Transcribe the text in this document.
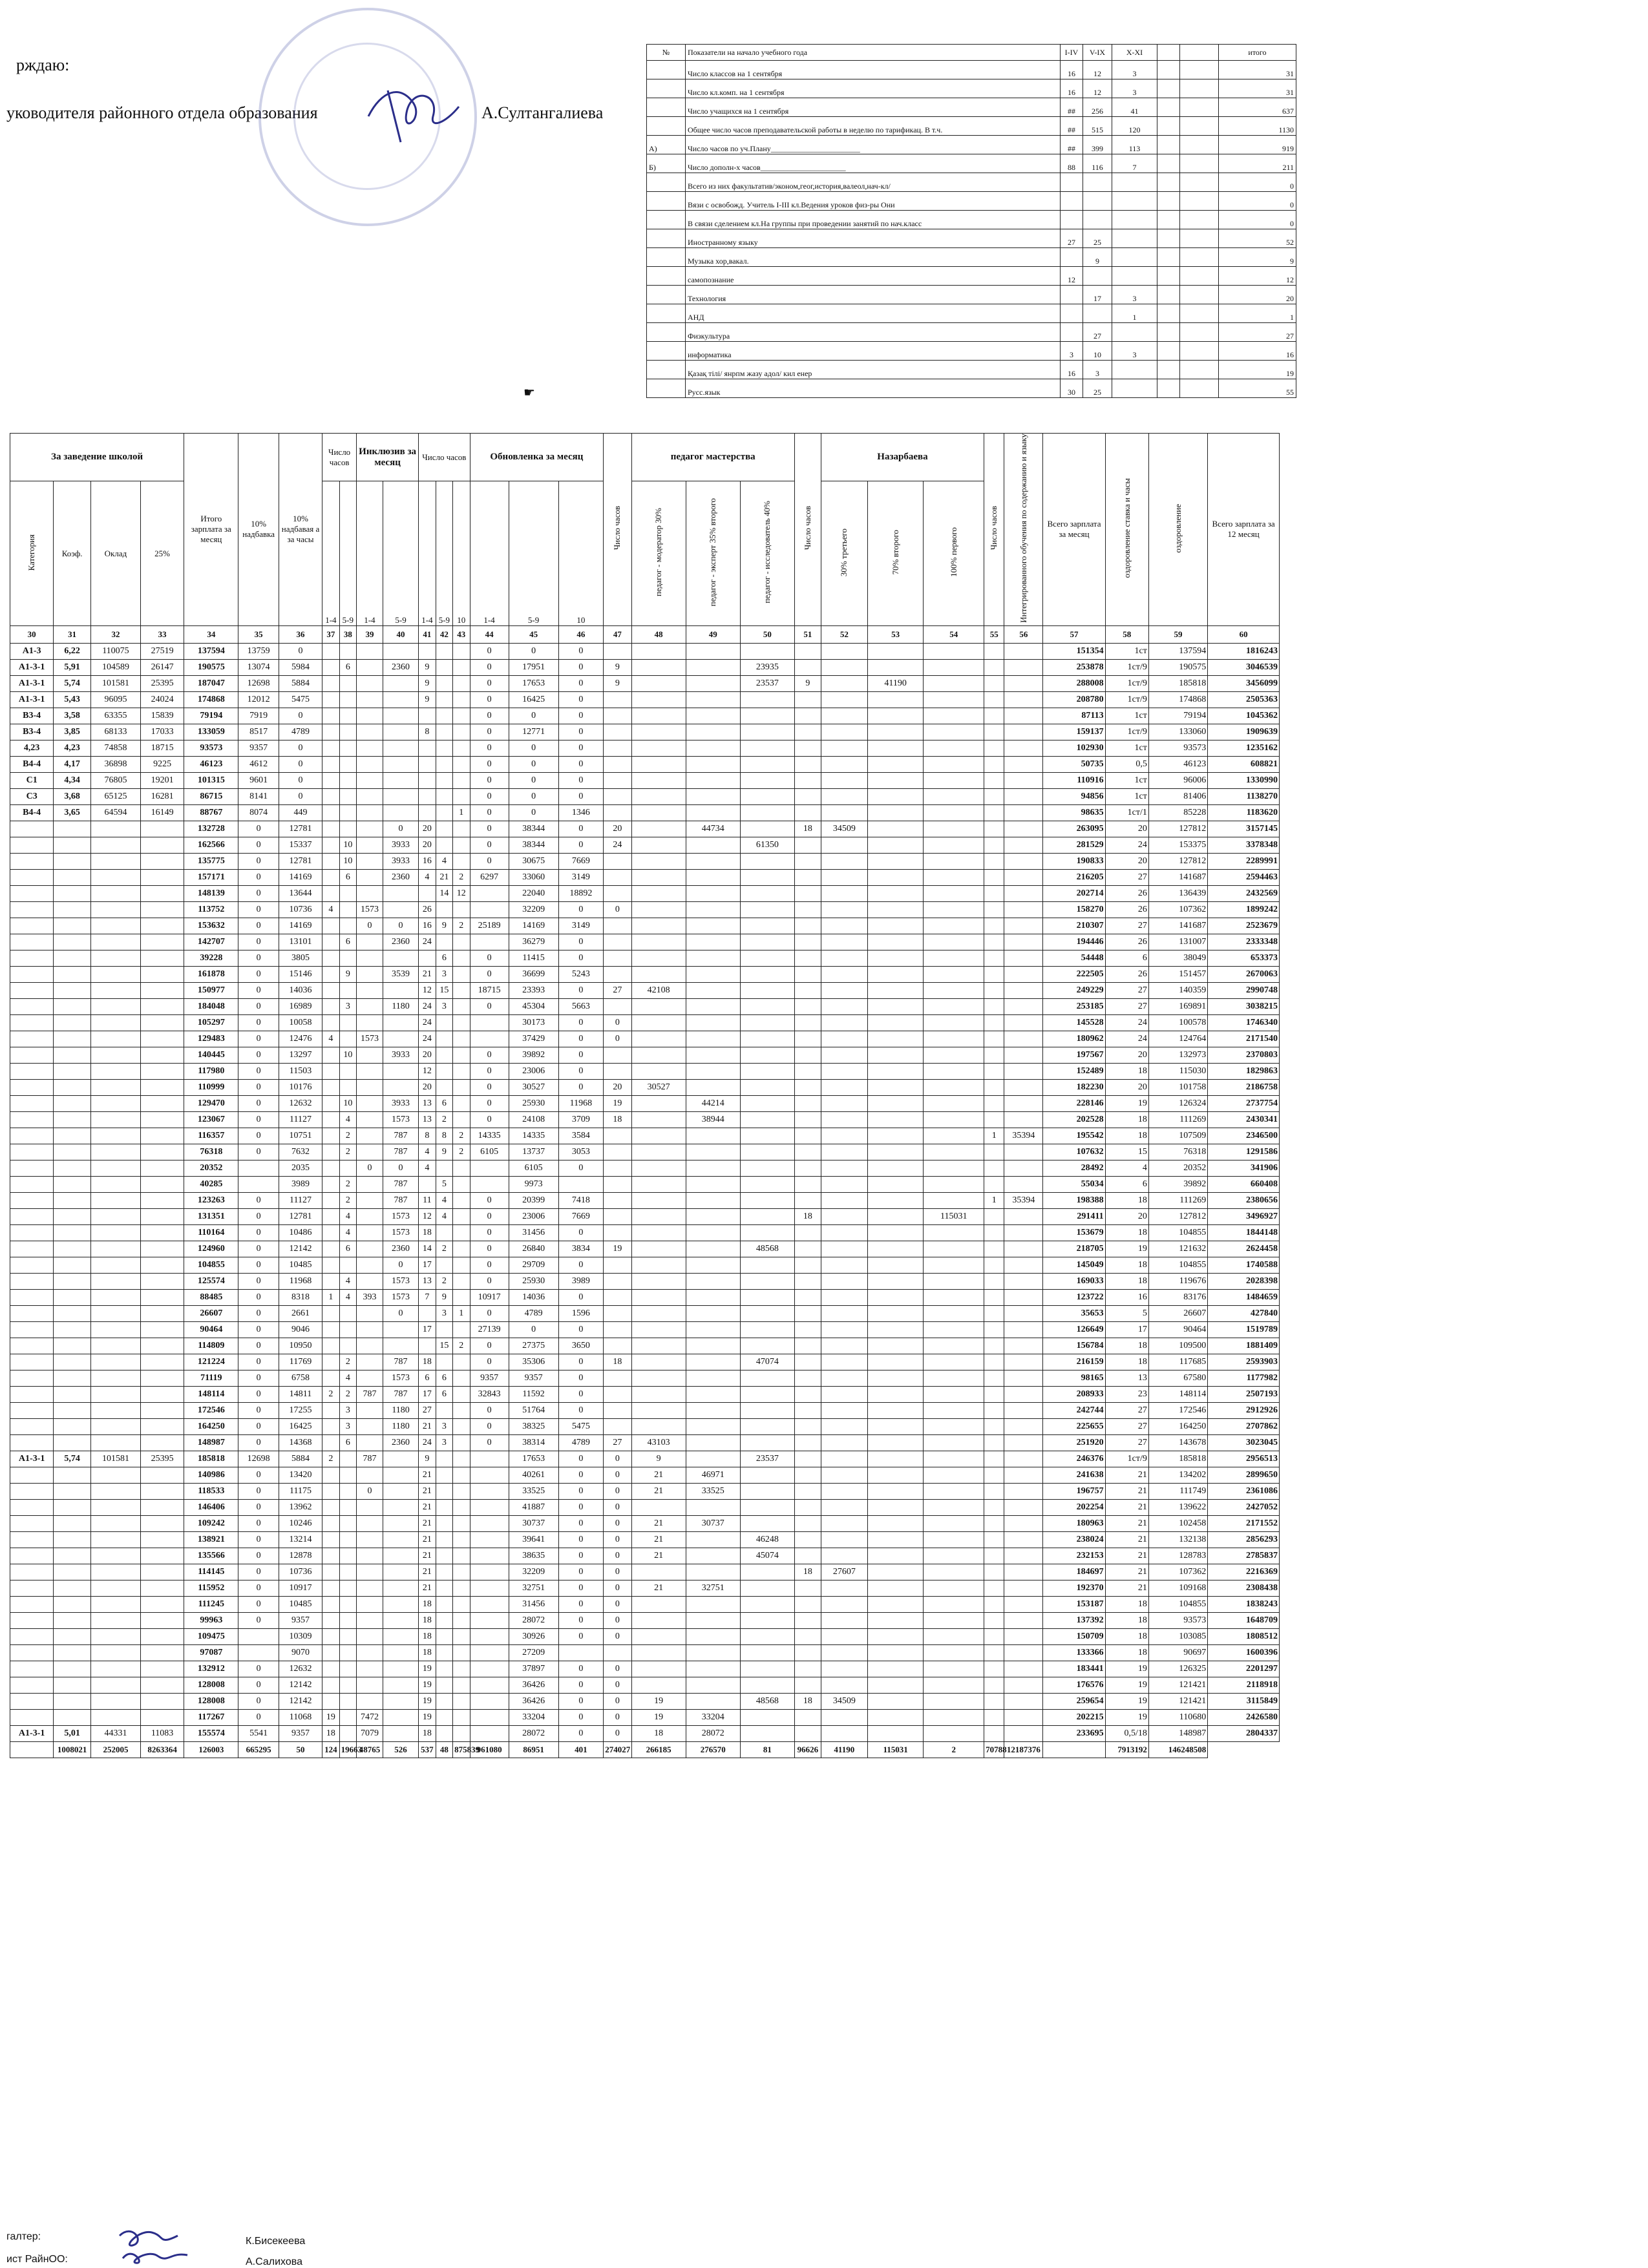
рждаю:
уководителя районного отдела образования	А.Султангалиева
№	Показатели на начало учебного года	I-IV	V-IX	X-XI			итого
	Число классов на 1 сентября	16	12	3			31
	Число кл.комп. на 1 сентября	16	12	3			31
	Число учащихся на 1 сентября	##	256	41			637
	Общее число часов преподавательской работы в неделю по тарификац. В т.ч.	##	515	120			1130
А)	Число часов по уч.Плану_______________________	##	399	113			919
Б)	Число дополн-х часов______________________	88	116	7			211
	Всего из них факультатив/эконом,геог,история,валеол,нач-кл/						0
	Вязи с освобожд. Учитель I-III кл.Ведения уроков физ-ры Они						0
	В связи сделением кл.На группы при проведении занятий по нач.класс						0
	Иностранному языку	27	25				52
	Музыка хор,вакал.		9				9
	самопознание	12					12
	Технология		17	3			20
	АНД			1			1
	Физкультура		27				27
	информатика	3	10	3			16
	Қазақ тілі/ янрпм жазу адол/ кил енер	16	3				19
	Русс.язык	30	25				55
☛
За заведение школой				Итого зарплата за месяц	10% надбавка	10% надбавая а за часы	Число часов		Инклюзив за месяц		Число часов			Обновленка за месяц			Число часов	педагог мастерства			Число часов	Назарбаева			Число часов	Интегрированного обучения по содержанию и языку	Всего зарплата за месяц	оздоровление ставка и часы	оздоровление	Всего зарплата за 12 месяц

Категория	Коэф.	Оклад	25%				1-4	5-9	1-4	5-9	1-4	5-9	10	1-4	5-9	10		педагог - модератор 30%	педагог - эксперт 35% второго	педагог - исследователь 40%		30% третьего	70% второго	100% первого						
30	31	32	33	34	35	36	37	38	39	40	41	42	43	44	45	46	47	48	49	50	51	52	53	54	55	56	57	58	59	60
А1-3	6,22	110075	27519	137594	13759	0								0	0	0											151354	1ст	137594	1816243
А1-3-1	5,91	104589	26147	190575	13074	5984		6		2360	9			0	17951	0	9			23935							253878	1ст/9	190575	3046539
А1-3-1	5,74	101581	25395	187047	12698	5884					9			0	17653	0	9			23537	9		41190				288008	1ст/9	185818	3456099
А1-3-1	5,43	96095	24024	174868	12012	5475					9			0	16425	0											208780	1ст/9	174868	2505363
В3-4	3,58	63355	15839	79194	7919	0								0	0	0											87113	1ст	79194	1045362
В3-4	3,85	68133	17033	133059	8517	4789					8			0	12771	0											159137	1ст/9	133060	1909639
4,23	4,23	74858	18715	93573	9357	0								0	0	0											102930	1ст	93573	1235162
В4-4	4,17	36898	9225	46123	4612	0								0	0	0											50735	0,5	46123	608821
С1	4,34	76805	19201	101315	9601	0								0	0	0											110916	1ст	96006	1330990
С3	3,68	65125	16281	86715	8141	0								0	0	0											94856	1ст	81406	1138270
В4-4	3,65	64594	16149	88767	8074	449							1	0	0	1346											98635	1ст/1	85228	1183620
				132728	0	12781				0	20			0	38344	0	20		44734		18	34509					263095	20	127812	3157145
				162566	0	15337		10		3933	20			0	38344	0	24			61350							281529	24	153375	3378348
				135775	0	12781		10		3933	16	4		0	30675	7669											190833	20	127812	2289991
				157171	0	14169		6		2360	4	21	2	6297	33060	3149											216205	27	141687	2594463
				148139	0	13644						14	12		22040	18892											202714	26	136439	2432569
				113752	0	10736	4		1573		26				32209	0	0										158270	26	107362	1899242
				153632	0	14169			0	0	16	9	2	25189	14169	3149											210307	27	141687	2523679
				142707	0	13101		6		2360	24				36279	0											194446	26	131007	2333348
				39228	0	3805						6		0	11415	0											54448	6	38049	653373
				161878	0	15146		9		3539	21	3		0	36699	5243											222505	26	151457	2670063
				150977	0	14036					12	15		18715	23393	0	27	42108									249229	27	140359	2990748
				184048	0	16989		3		1180	24	3		0	45304	5663											253185	27	169891	3038215
				105297	0	10058					24				30173	0	0										145528	24	100578	1746340
				129483	0	12476	4		1573		24				37429	0	0										180962	24	124764	2171540
				140445	0	13297		10		3933	20			0	39892	0											197567	20	132973	2370803
				117980	0	11503					12			0	23006	0											152489	18	115030	1829863
				110999	0	10176					20			0	30527	0	20	30527									182230	20	101758	2186758
				129470	0	12632		10		3933	13	6		0	25930	11968	19		44214								228146	19	126324	2737754
				123067	0	11127		4		1573	13	2		0	24108	3709	18		38944								202528	18	111269	2430341
				116357	0	10751		2		787	8	8	2	14335	14335	3584									1	35394	195542	18	107509	2346500
				76318	0	7632		2		787	4	9	2	6105	13737	3053											107632	15	76318	1291586
				20352		2035			0	0	4				6105	0											28492	4	20352	341906
				40285		3989		2		787		5			9973												55034	6	39892	660408
				123263	0	11127		2		787	11	4		0	20399	7418									1	35394	198388	18	111269	2380656
				131351	0	12781		4		1573	12	4		0	23006	7669					18			115031			291411	20	127812	3496927
				110164	0	10486		4		1573	18			0	31456	0											153679	18	104855	1844148
				124960	0	12142		6		2360	14	2		0	26840	3834	19			48568							218705	19	121632	2624458
				104855	0	10485				0	17			0	29709	0											145049	18	104855	1740588
				125574	0	11968		4		1573	13	2		0	25930	3989											169033	18	119676	2028398
				88485	0	8318	1	4	393	1573	7	9		10917	14036	0											123722	16	83176	1484659
				26607	0	2661				0		3	1	0	4789	1596											35653	5	26607	427840
				90464	0	9046					17			27139	0	0											126649	17	90464	1519789
				114809	0	10950						15	2	0	27375	3650											156784	18	109500	1881409
				121224	0	11769		2		787	18			0	35306	0	18			47074							216159	18	117685	2593903
				71119	0	6758		4		1573	6	6		9357	9357	0											98165	13	67580	1177982
				148114	0	14811	2	2	787	787	17	6		32843	11592	0											208933	23	148114	2507193
				172546	0	17255		3		1180	27			0	51764	0											242744	27	172546	2912926
				164250	0	16425		3		1180	21	3		0	38325	5475											225655	27	164250	2707862
				148987	0	14368		6		2360	24	3		0	38314	4789	27	43103									251920	27	143678	3023045
А1-3-1	5,74	101581	25395	185818	12698	5884	2		787		9				17653	0	0	9		23537							246376	1ст/9	185818	2956513
				140986	0	13420					21				40261	0	0	21	46971								241638	21	134202	2899650
				118533	0	11175			0		21				33525	0	0	21	33525								196757	21	111749	2361086
				146406	0	13962					21				41887	0	0										202254	21	139622	2427052
				109242	0	10246					21				30737	0	0	21	30737								180963	21	102458	2171552
				138921	0	13214					21				39641	0	0	21		46248							238024	21	132138	2856293
				135566	0	12878					21				38635	0	0	21		45074							232153	21	128783	2785837
				114145	0	10736					21				32209	0	0				18	27607					184697	21	107362	2216369
				115952	0	10917					21				32751	0	0	21	32751								192370	21	109168	2308438
				111245	0	10485					18				31456	0	0										153187	18	104855	1838243
				99963	0	9357					18				28072	0	0										137392	18	93573	1648709
				109475		10309					18				30926	0	0										150709	18	103085	1808512
				97087		9070					18				27209												133366	18	90697	1600396
				132912	0	12632					19				37897	0	0										183441	19	126325	2201297
				128008	0	12142					19				36426	0	0										176576	19	121421	2118918
				128008	0	12142					19				36426	0	0	19		48568	18	34509					259654	19	121421	3115849
				117267	0	11068	19		7472		19				33204	0	0	19	33204								202215	19	110680	2426580
А1-3-1	5,01	44331	11083	155574	5541	9357	18		7079		18				28072	0	0	18	28072								233695	0,5/18	148987	2804337
	1008021	252005	8263364	126003	665295	50	124	19663	48765	526	537	48	875839	961080	86951	401	274027	266185	276570	81	96626	41190	115031	2	70788	12187376		7913192	146248508	
галтер:	К.Бисекеева
ист РайнОО:	А.Салихова
